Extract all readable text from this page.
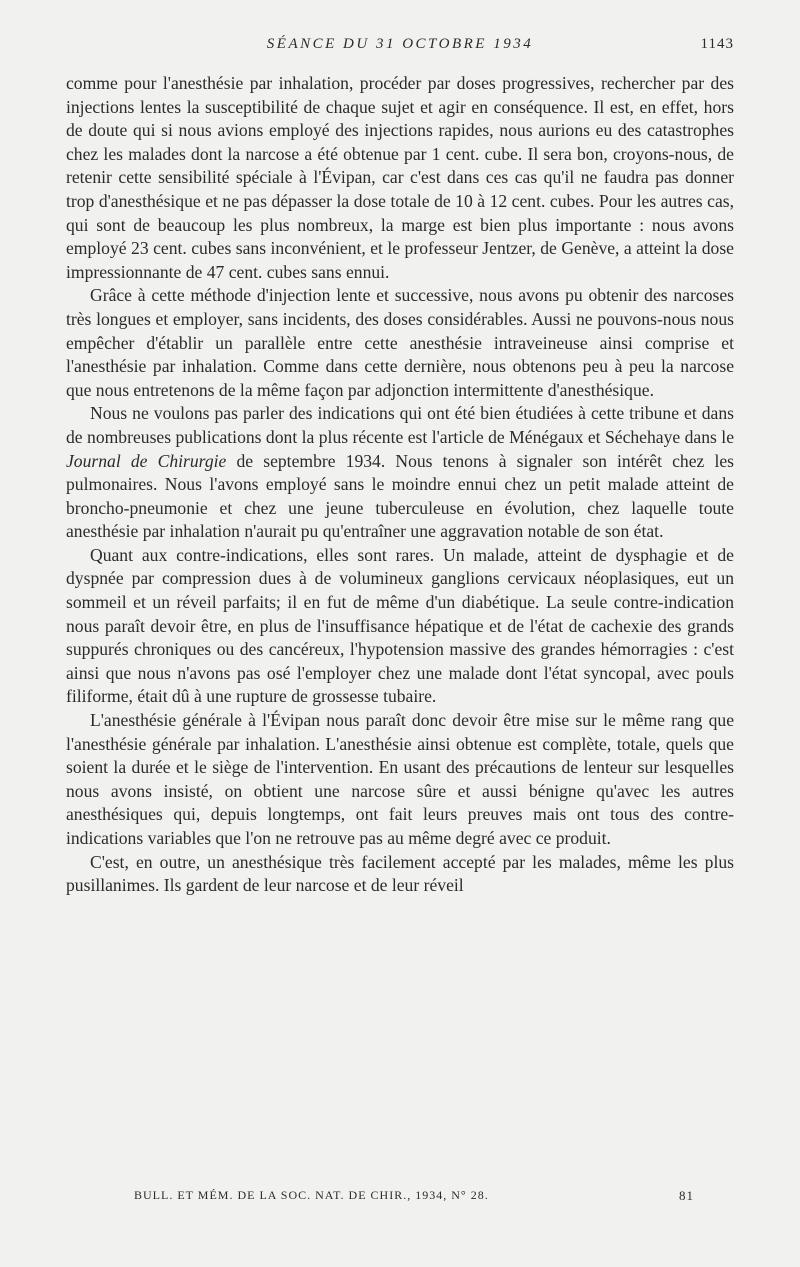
SÉANCE DU 31 OCTOBRE 1934	1143

comme pour l'anesthésie par inhalation, procéder par doses progressives, rechercher par des injections lentes la susceptibilité de chaque sujet et agir en conséquence. Il est, en effet, hors de doute qui si nous avions employé des injections rapides, nous aurions eu des catastrophes chez les malades dont la narcose a été obtenue par 1 cent. cube. Il sera bon, croyons-nous, de retenir cette sensibilité spéciale à l'Évipan, car c'est dans ces cas qu'il ne faudra pas donner trop d'anesthésique et ne pas dépasser la dose totale de 10 à 12 cent. cubes. Pour les autres cas, qui sont de beaucoup les plus nombreux, la marge est bien plus importante : nous avons employé 23 cent. cubes sans inconvénient, et le professeur Jentzer, de Genève, a atteint la dose impressionnante de 47 cent. cubes sans ennui.

Grâce à cette méthode d'injection lente et successive, nous avons pu obtenir des narcoses très longues et employer, sans incidents, des doses considérables. Aussi ne pouvons-nous nous empêcher d'établir un parallèle entre cette anesthésie intraveineuse ainsi comprise et l'anesthésie par inhalation. Comme dans cette dernière, nous obtenons peu à peu la narcose que nous entretenons de la même façon par adjonction intermittente d'anesthésique.

Nous ne voulons pas parler des indications qui ont été bien étudiées à cette tribune et dans de nombreuses publications dont la plus récente est l'article de Ménégaux et Séchehaye dans le Journal de Chirurgie de septembre 1934. Nous tenons à signaler son intérêt chez les pulmonaires. Nous l'avons employé sans le moindre ennui chez un petit malade atteint de broncho-pneumonie et chez une jeune tuberculeuse en évolution, chez laquelle toute anesthésie par inhalation n'aurait pu qu'entraîner une aggravation notable de son état.

Quant aux contre-indications, elles sont rares. Un malade, atteint de dysphagie et de dyspnée par compression dues à de volumineux ganglions cervicaux néoplasiques, eut un sommeil et un réveil parfaits; il en fut de même d'un diabétique. La seule contre-indication nous paraît devoir être, en plus de l'insuffisance hépatique et de l'état de cachexie des grands suppurés chroniques ou des cancéreux, l'hypotension massive des grandes hémorragies : c'est ainsi que nous n'avons pas osé l'employer chez une malade dont l'état syncopal, avec pouls filiforme, était dû à une rupture de grossesse tubaire.

L'anesthésie générale à l'Évipan nous paraît donc devoir être mise sur le même rang que l'anesthésie générale par inhalation. L'anesthésie ainsi obtenue est complète, totale, quels que soient la durée et le siège de l'intervention. En usant des précautions de lenteur sur lesquelles nous avons insisté, on obtient une narcose sûre et aussi bénigne qu'avec les autres anesthésiques qui, depuis longtemps, ont fait leurs preuves mais ont tous des contre-indications variables que l'on ne retrouve pas au même degré avec ce produit.

C'est, en outre, un anesthésique très facilement accepté par les malades, même les plus pusillanimes. Ils gardent de leur narcose et de leur réveil

BULL. ET MÉM. DE LA SOC. NAT. DE CHIR., 1934, N° 28.	81
